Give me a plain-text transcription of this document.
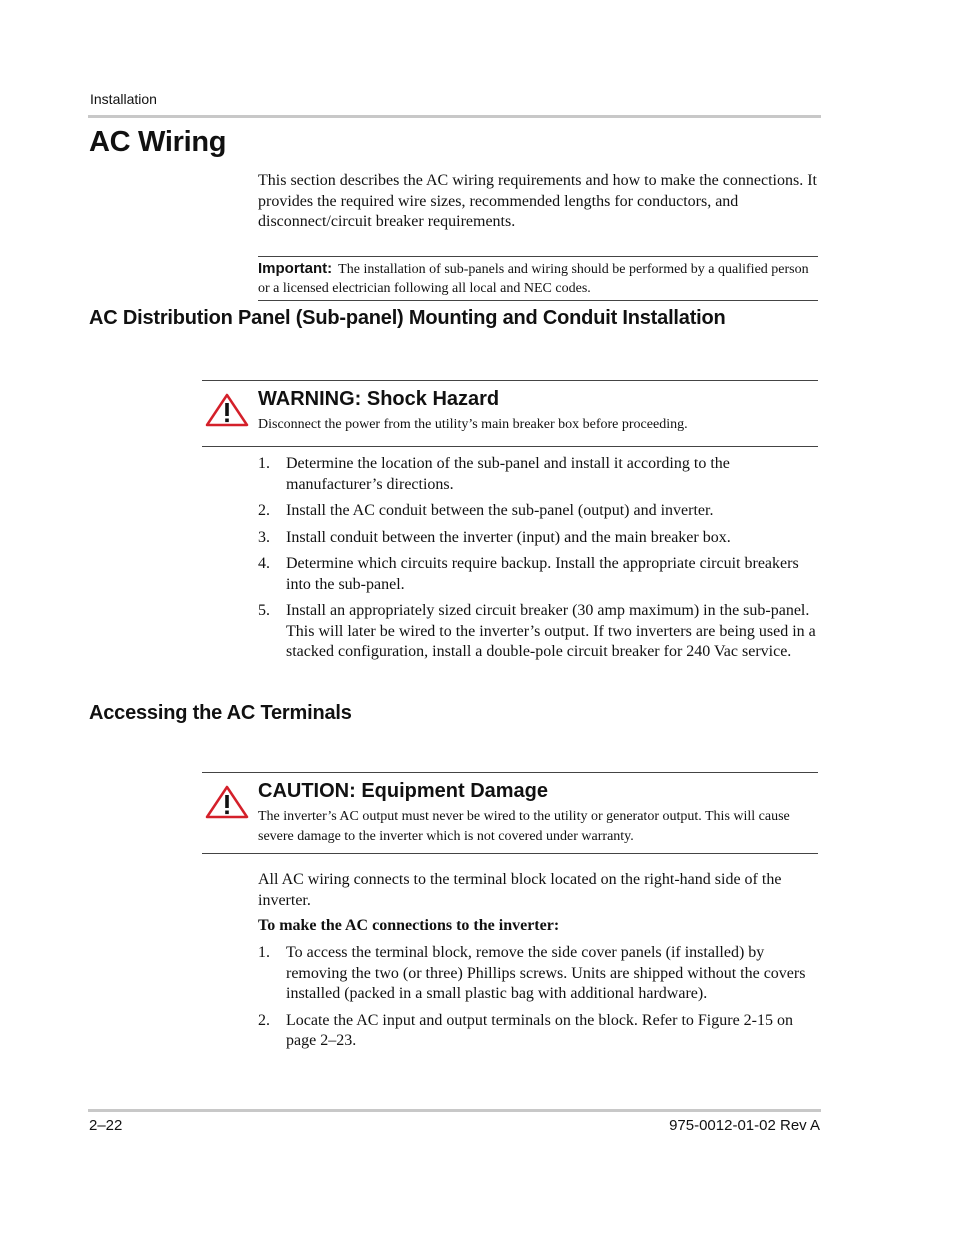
Installation
AC Wiring
This section describes the AC wiring requirements and how to make the connections. It provides the required wire sizes, recommended lengths for conductors, and disconnect/circuit breaker requirements.
Important: The installation of sub-panels and wiring should be performed by a qualified person or a licensed electrician following all local and NEC codes.
AC Distribution Panel (Sub-panel) Mounting and Conduit Installation
WARNING: Shock Hazard
Disconnect the power from the utility’s main breaker box before proceeding.
1. Determine the location of the sub-panel and install it according to the manufacturer’s directions.
2. Install the AC conduit between the sub-panel (output) and inverter.
3. Install conduit between the inverter (input) and the main breaker box.
4. Determine which circuits require backup. Install the appropriate circuit breakers into the sub-panel.
5. Install an appropriately sized circuit breaker (30 amp maximum) in the sub-panel. This will later be wired to the inverter’s output. If two inverters are being used in a stacked configuration, install a double-pole circuit breaker for 240 Vac service.
Accessing the AC Terminals
CAUTION: Equipment Damage
The inverter’s AC output must never be wired to the utility or generator output. This will cause severe damage to the inverter which is not covered under warranty.
All AC wiring connects to the terminal block located on the right-hand side of the inverter.
To make the AC connections to the inverter:
1. To access the terminal block, remove the side cover panels (if installed) by removing the two (or three) Phillips screws. Units are shipped without the covers installed (packed in a small plastic bag with additional hardware).
2. Locate the AC input and output terminals on the block. Refer to Figure 2-15 on page 2–23.
2–22	975-0012-01-02 Rev A
